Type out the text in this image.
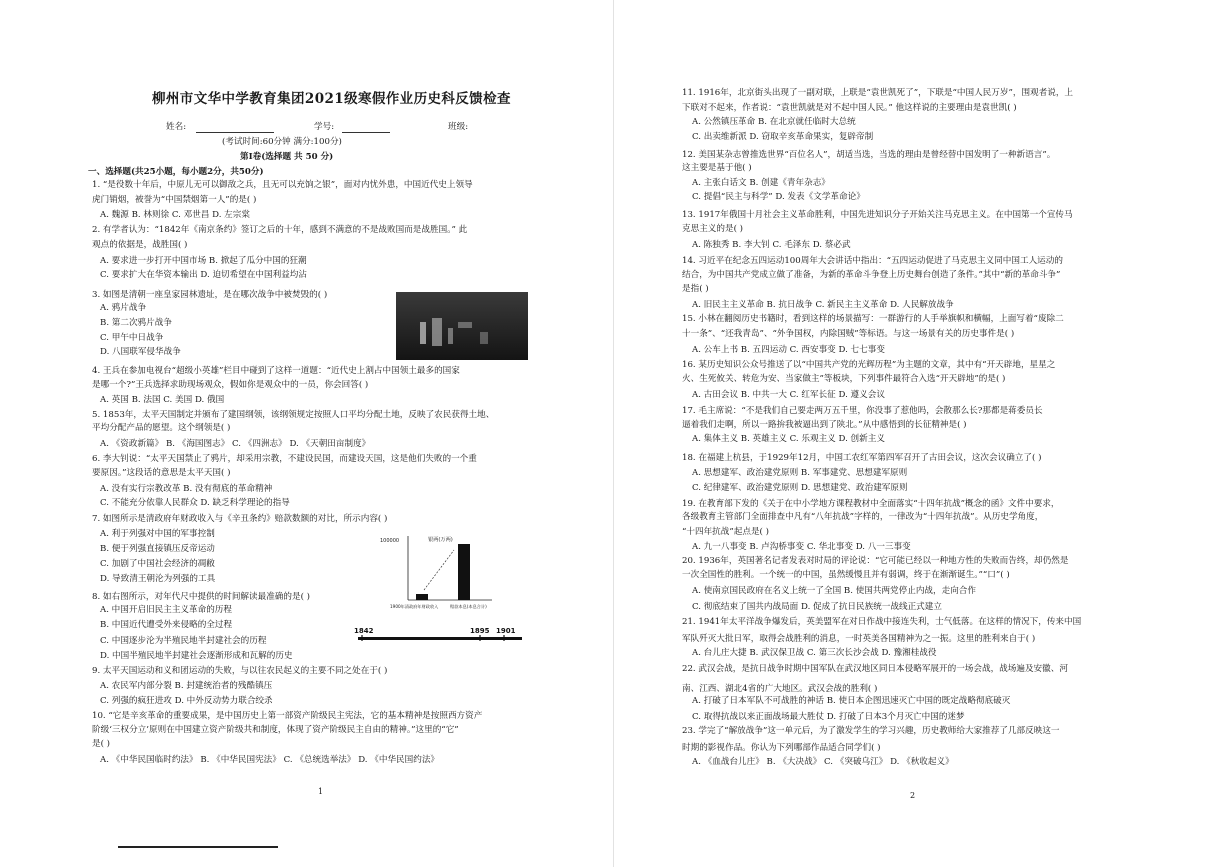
柳州市文华中学教育集团2021级寒假作业历史科反馈检查
姓名:	学号:	班级:
(考试时间:60分钟 满分:100分)
第Ⅰ卷(选择题 共 50 分)
一、选择题(共25小题，每小题2分，共50分)
1. “是役数十年后，中原儿无可以御敌之兵，且无可以充饷之银”，面对内忧外患，中国近代史上领导
虎门销烟，被誉为“中国禁烟第一人”的是( )
A. 魏源 B. 林则徐 C. 邓世昌 D. 左宗棠
2. 有学者认为：“1842年《南京条约》签订之后的十年，感到不满意的不是战败国而是战胜国。” 此
观点的依据是，战胜国( )
A. 要求进一步打开中国市场 B. 掀起了瓜分中国的狂潮
C. 要求扩大在华资本输出 D. 迫切希望在中国利益均沾
3. 如图是清朝一座皇家园林遗址，是在哪次战争中被焚毁的( )
A. 鸦片战争
B. 第二次鸦片战争
C. 甲午中日战争
D. 八国联军侵华战争
4. 王兵在参加电视台“超级小英雄”栏目中碰到了这样一道题：“近代史上割占中国领土最多的国家
是哪一个?”王兵选择求助现场观众，假如你是观众中的一员，你会回答( )
A. 英国 B. 法国 C. 美国 D. 俄国
5. 1853年，太平天国制定并颁布了建国纲领，该纲领规定按照人口平均分配土地，反映了农民获得土地、
平均分配产品的愿望。这个纲领是( )
A. 《资政新篇》 B. 《海国图志》 C. 《四洲志》 D. 《天朝田亩制度》
6. 李大钊说：“太平天国禁止了鸦片，却采用宗教，不建设民国，而建设天国，这是他们失败的一个重
要原因。”这段话的意思是太平天国( )
A. 没有实行宗教改革 B. 没有彻底的革命精神
C. 不能充分依靠人民群众 D. 缺乏科学理论的指导
7. 如图所示是清政府年财政收入与《辛丑条约》赔款数额的对比，所示内容( )
A. 利于列强对中国的军事控制
B. 便于列强直接镇压反帝运动
C. 加剧了中国社会经济的凋敝
D. 导致清王朝沦为列强的工具
8. 如右图所示，对年代尺中提供的时间解读最准确的是( )
A. 中国开启旧民主主义革命的历程
B. 中国近代遭受外来侵略的全过程
C. 中国逐步沦为半殖民地半封建社会的历程
D. 中国半殖民地半封建社会逐渐形成和瓦解的历史
9. 太平天国运动和义和团运动的失败，与以往农民起义的主要不同之处在于( )
A. 农民军内部分裂 B. 封建统治者的残酷镇压
C. 列强的疯狂进攻 D. 中外反动势力联合绞杀
10. “它是辛亥革命的重要成果，是中国历史上第一部资产阶级民主宪法，它的基本精神是按照西方资产
阶级‘三权分立’原则在中国建立资产阶级共和制度，体现了资产阶级民主自由的精神。”这里的“它”
是( )
A. 《中华民国临时约法》 B. 《中华民国宪法》 C. 《总统选举法》 D. 《中华民国约法》
100000	银两(万两)
1900年清政府年财政收入	赔款本息(本息合计)
1842	1895 1901
1
11. 1916年，北京街头出现了一副对联，上联是“袁世凯死了”，下联是“中国人民万岁”，围观者说，上
下联对不起来，作者说：“袁世凯就是对不起中国人民。” 他这样说的主要理由是袁世凯( )
A. 公然镇压革命 B. 在北京就任临时大总统
C. 出卖维新派 D. 窃取辛亥革命果实，复辟帝制
12. 美国某杂志曾推选世界“百位名人”，胡适当选，当选的理由是曾经替中国发明了一种新语言”。
这主要是基于他( )
A. 主张白话文 B. 创建《青年杂志》
C. 提倡“民主与科学” D. 发表《文学革命论》
13. 1917年俄国十月社会主义革命胜利，中国先进知识分子开始关注马克思主义。在中国第一个宣传马
克思主义的是( )
A. 陈独秀 B. 李大钊 C. 毛泽东 D. 蔡必武
14. 习近平在纪念五四运动100周年大会讲话中指出：“五四运动促进了马克思主义同中国工人运动的
结合，为中国共产党成立做了准备，为新的革命斗争登上历史舞台创造了条件。”其中“新的革命斗争”
是指( )
A. 旧民主主义革命 B. 抗日战争 C. 新民主主义革命 D. 人民解放战争
15. 小林在翻阅历史书籍时，看到这样的场景描写：一群游行的人手举旗帜和横幅，上面写着“废除二
十一条”、“还我青岛”、“外争国权，内除国贼”等标语。与这一场景有关的历史事件是( )
A. 公车上书 B. 五四运动 C. 西安事变 D. 七七事变
16. 某历史知识公众号推送了以“中国共产党的光辉历程”为主题的文章，其中有“开天辟地，星星之
火、生死攸关、转危为安、当家做主”等板块，下列事件最符合入选“开天辟地”的是( )
A. 古田会议 B. 中共一大 C. 红军长征 D. 遵义会议
17. 毛主席说：“不是我们自己要走两万五千里，你没事了惹他吗，会散那么长?那都是蒋委员长
逼着我们走啊，所以一路拚我被逼出到了陕北。”从中感悟到的长征精神是( )
A. 集体主义 B. 英雄主义 C. 乐观主义 D. 创新主义
18. 在福建上杭县，于1929年12月，中国工农红军第四军召开了古田会议，这次会议确立了( )
A. 思想建军、政治建党原则 B. 军事建党、思想建军原则
C. 纪律建军、政治建党原则 D. 思想建党、政治建军原则
19. 在教育部下发的《关于在中小学地方课程教材中全面落实“十四年抗战”概念的函》文件中要求，
各级教育主管部门全面排查中凡有“八年抗战”字样的，一律改为“十四年抗战”。从历史学角度，
“十四年抗战”起点是( )
A. 九一八事变 B. 卢沟桥事变 C. 华北事变 D. 八一三事变
20. 1936年，英国著名记者发表对时局的评论说：“它可能已经以一种地方性的失败而告终，却仍然是
一次全国性的胜利。一个统一的中国，虽然缓慢且并有弱调，终于在渐渐诞生。”“口”( )
A. 使南京国民政府在名义上统一了全国 B. 使国共两党停止内战，走向合作
C. 彻底结束了国共内战局面 D. 促成了抗日民族统一战线正式建立
21. 1941年太平洋战争爆发后，英美盟军在对日作战中接连失利，士气低落。在这样的情况下，传来中国
军队歼灭大批日军，取得会战胜利的消息，一时英美各国精神为之一振。这里的胜利来自于( )
A. 台儿庄大捷 B. 武汉保卫战 C. 第三次长沙会战 D. 豫湘桂战役
22. 武汉会战，是抗日战争时期中国军队在武汉地区同日本侵略军展开的一场会战，战场遍及安徽、河
南、江西、湖北4省的广大地区。武汉会战的胜利( )
A. 打破了日本军队不可战胜的神话 B. 使日本企图迅速灭亡中国的既定战略彻底破灭
C. 取得抗战以来正面战场最大胜仗 D. 打破了日本3个月灭亡中国的迷梦
23. 学完了“解放战争”这一单元后，为了激发学生的学习兴趣，历史教师给大家推荐了几部反映这一
时期的影视作品。你认为下列哪部作品适合同学们( )
A. 《血战台儿庄》 B. 《大决战》 C. 《突破乌江》 D. 《秋收起义》
2
